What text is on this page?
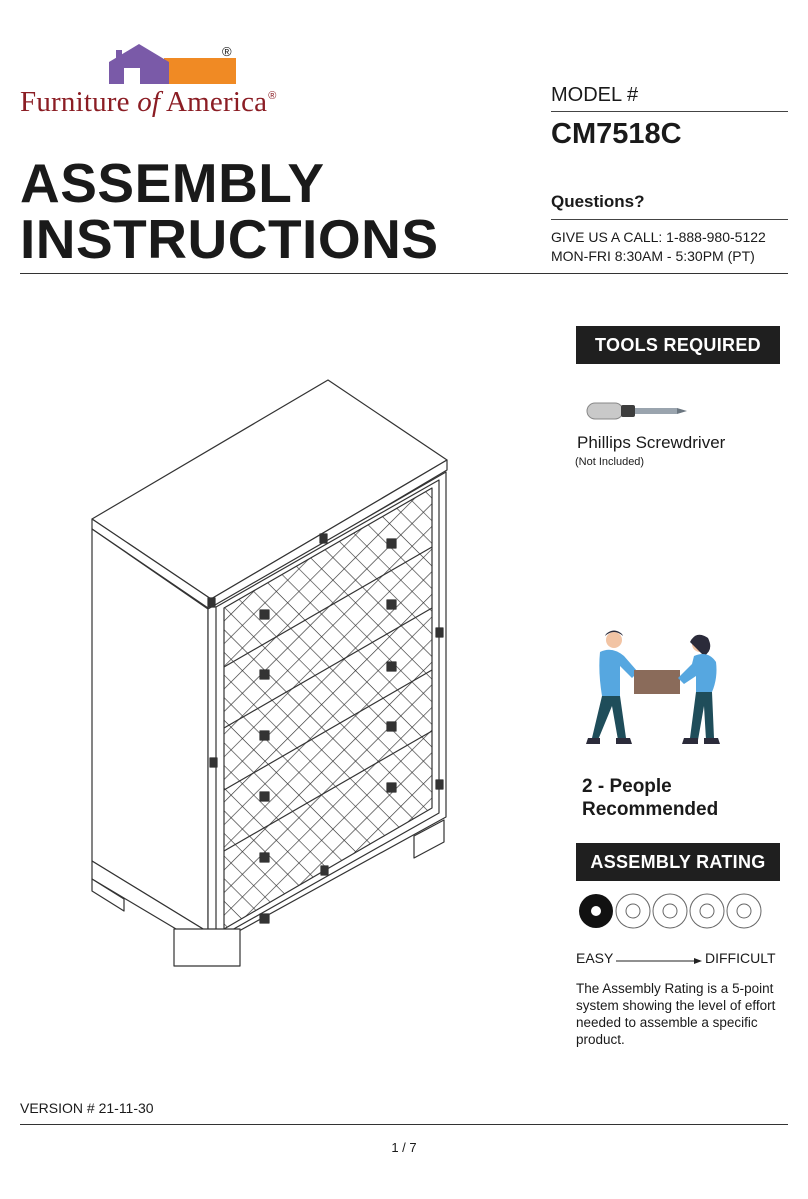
®
Furniture of America®
ASSEMBLY
INSTRUCTIONS
MODEL #
CM7518C
Questions?
GIVE US A CALL: 1-888-980-5122
MON-FRI 8:30AM - 5:30PM (PT)
TOOLS REQUIRED
Phillips Screwdriver
(Not Included)
2 - People
Recommended
ASSEMBLY RATING
EASY	DIFFICULT
The Assembly Rating is a 5-point system showing the level of effort needed to assemble a specific product.
VERSION # 21-11-30
1 / 7
